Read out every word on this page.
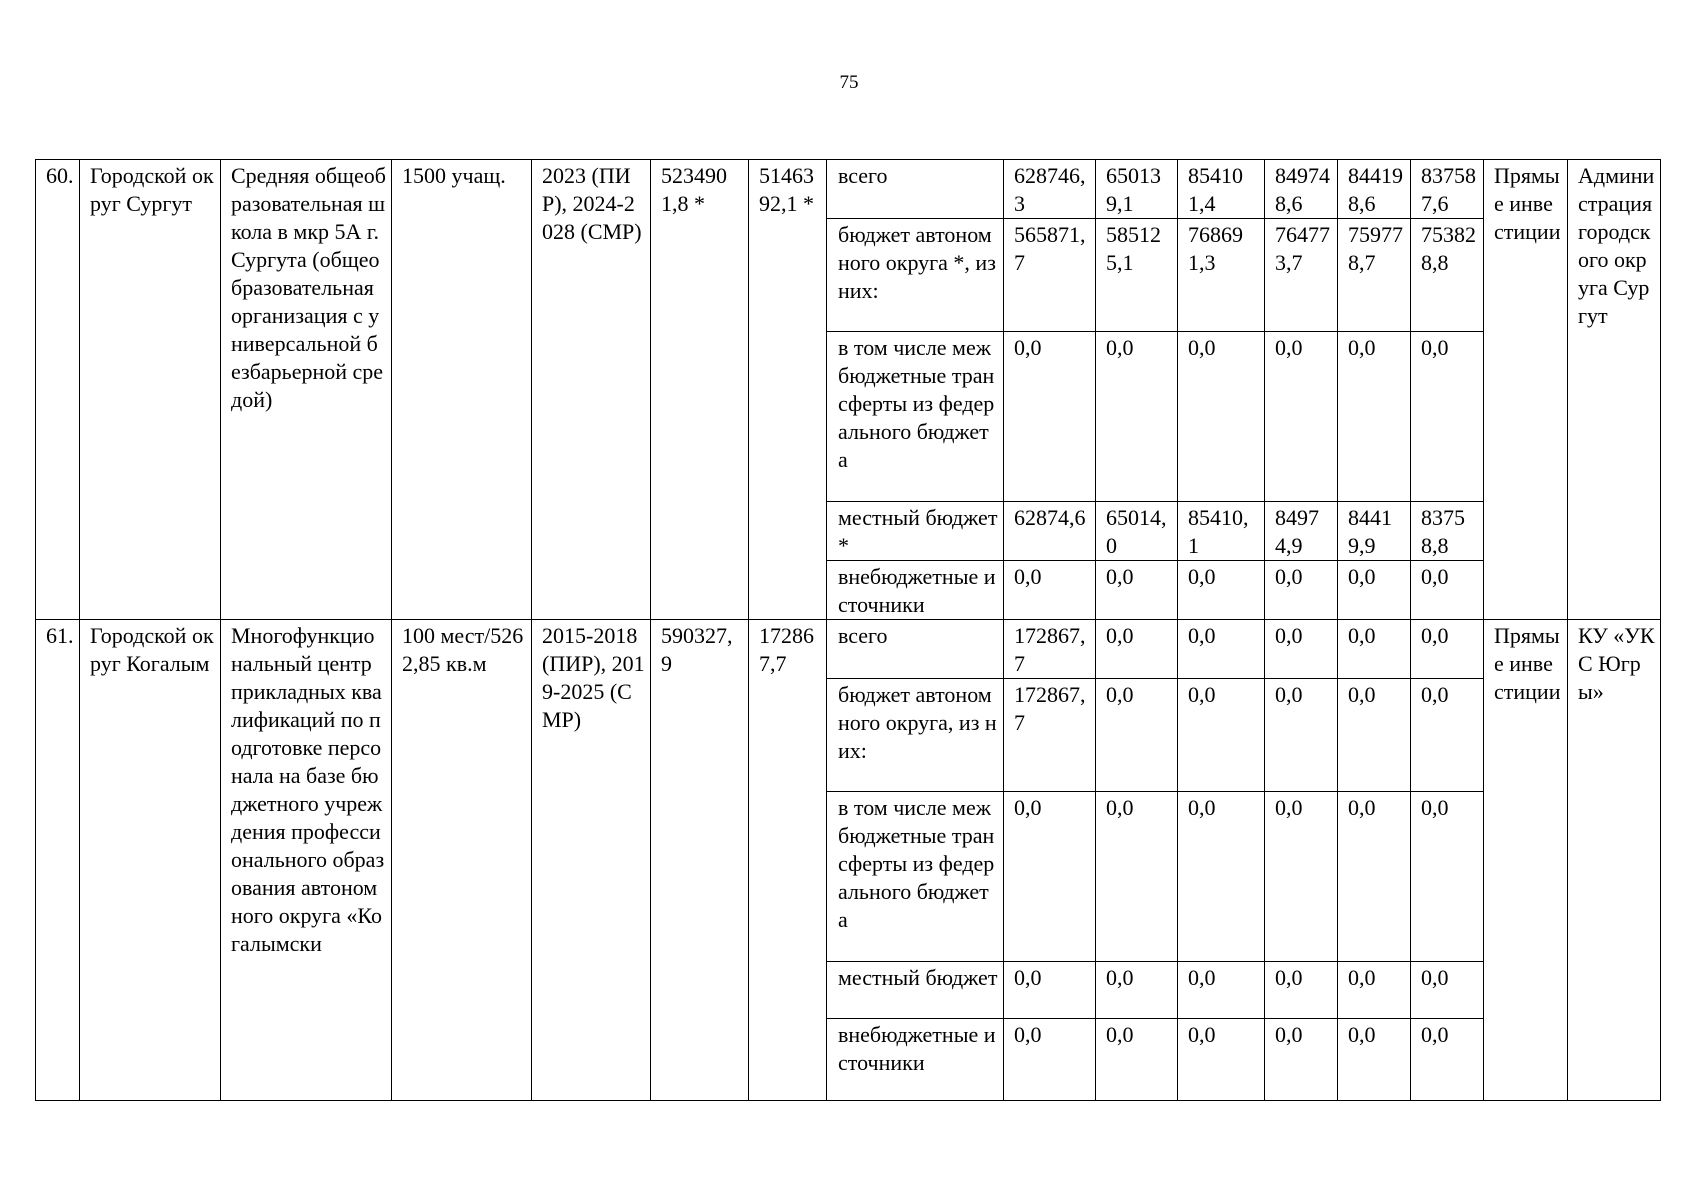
75
60.	Городской округ Сургут	Средняя общеобразовательная школа в мкр 5А г. Сургута (общеобразовательная организация с универсальной безбарьерной средой)	1500 учащ.	2023 (ПИР), 2024-2028 (СМР)	5234901,8 *	5146392,1 *	всего	628746,3	650139,1	854101,4	849748,6	844198,6	837587,6	Прямые инвестиции	Администрация городского округа Сургут
							бюджет автономного округа *, из них:	565871,7	585125,1	768691,3	764773,7	759778,7	753828,8		
							в том числе межбюджетные трансферты из федерального бюджета	0,0	0,0	0,0	0,0	0,0	0,0		
							местный бюджет *	62874,6	65014,0	85410,1	84974,9	84419,9	83758,8		
							внебюджетные источники	0,0	0,0	0,0	0,0	0,0	0,0		
61.	Городской округ Когалым	Многофункциональный центр прикладных квалификаций по подготовке персонала на базе бюджетного учреждения профессионального образования автономного округа «Когалымски	100 мест/5262,85 кв.м	2015-2018 (ПИР), 2019-2025 (СМР)	590327,9	172867,7	всего	172867,7	0,0	0,0	0,0	0,0	0,0	Прямые инвестиции	КУ «УКС Югры»
							бюджет автономного округа, из них:	172867,7	0,0	0,0	0,0	0,0	0,0		
							в том числе межбюджетные трансферты из федерального бюджета	0,0	0,0	0,0	0,0	0,0	0,0		
							местный бюджет	0,0	0,0	0,0	0,0	0,0	0,0		
							внебюджетные источники	0,0	0,0	0,0	0,0	0,0	0,0		
